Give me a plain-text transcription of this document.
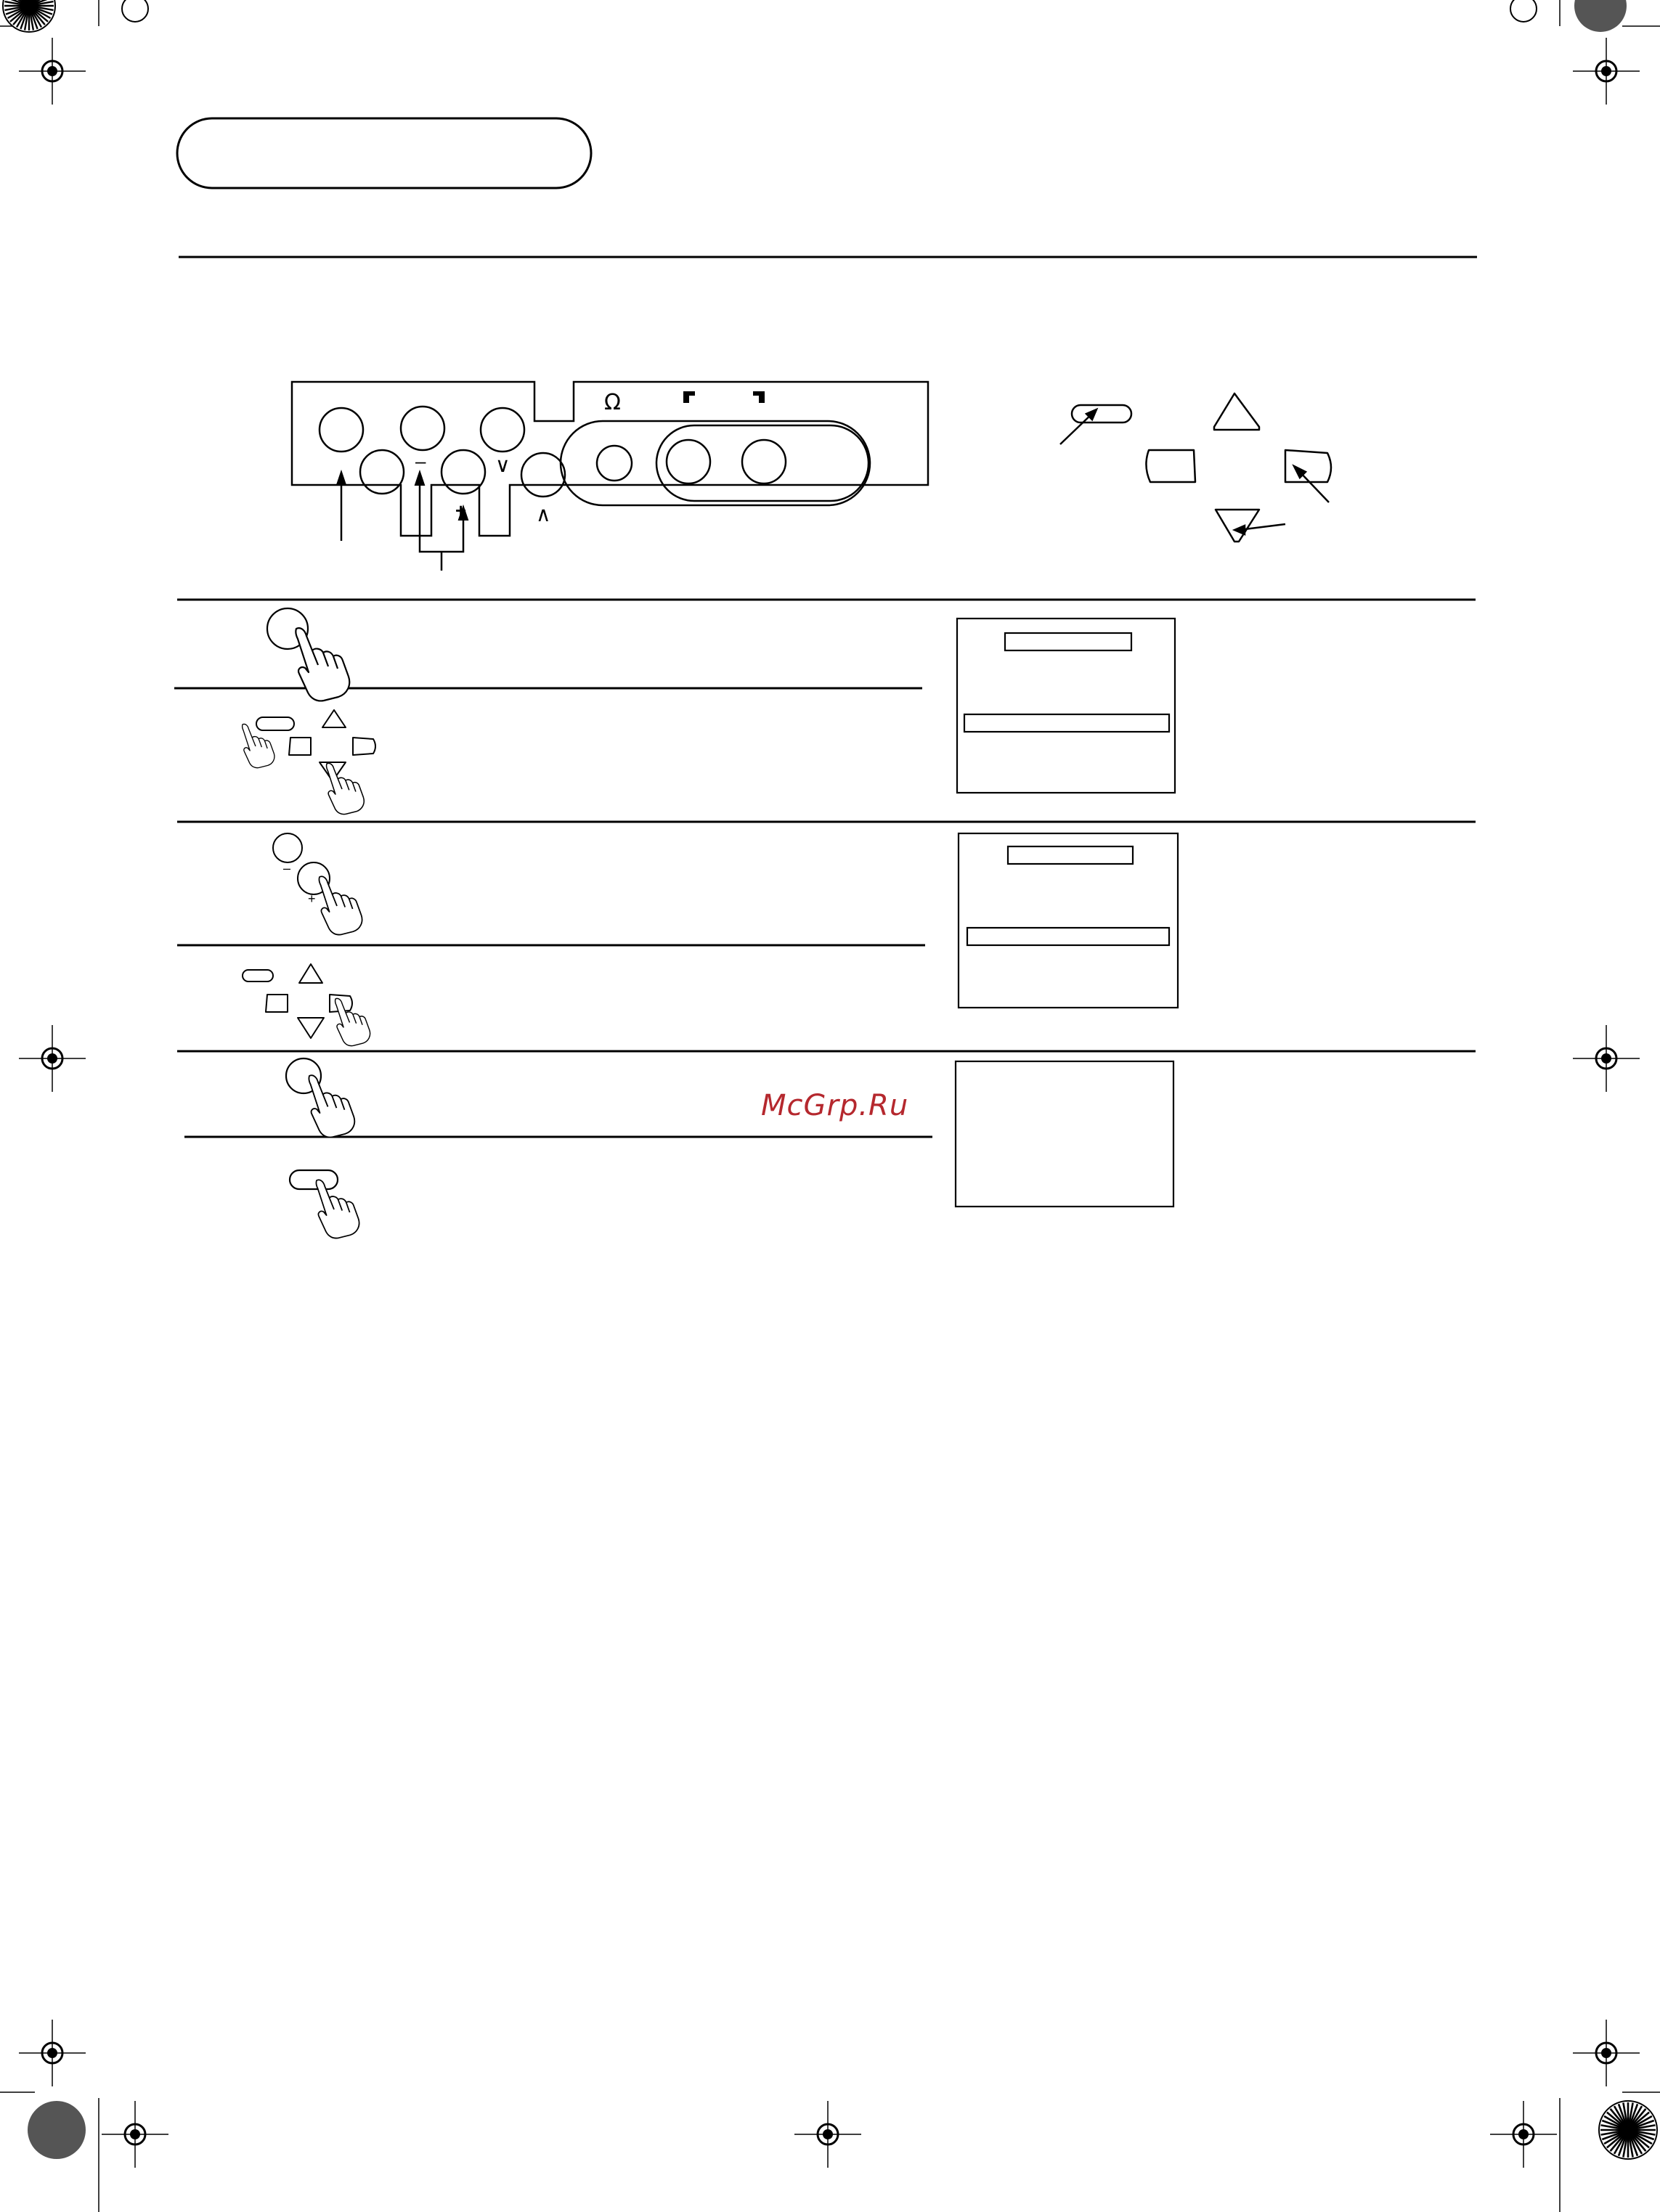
–
+
∨
∧
Ω
–
+
McGrp.Ru
